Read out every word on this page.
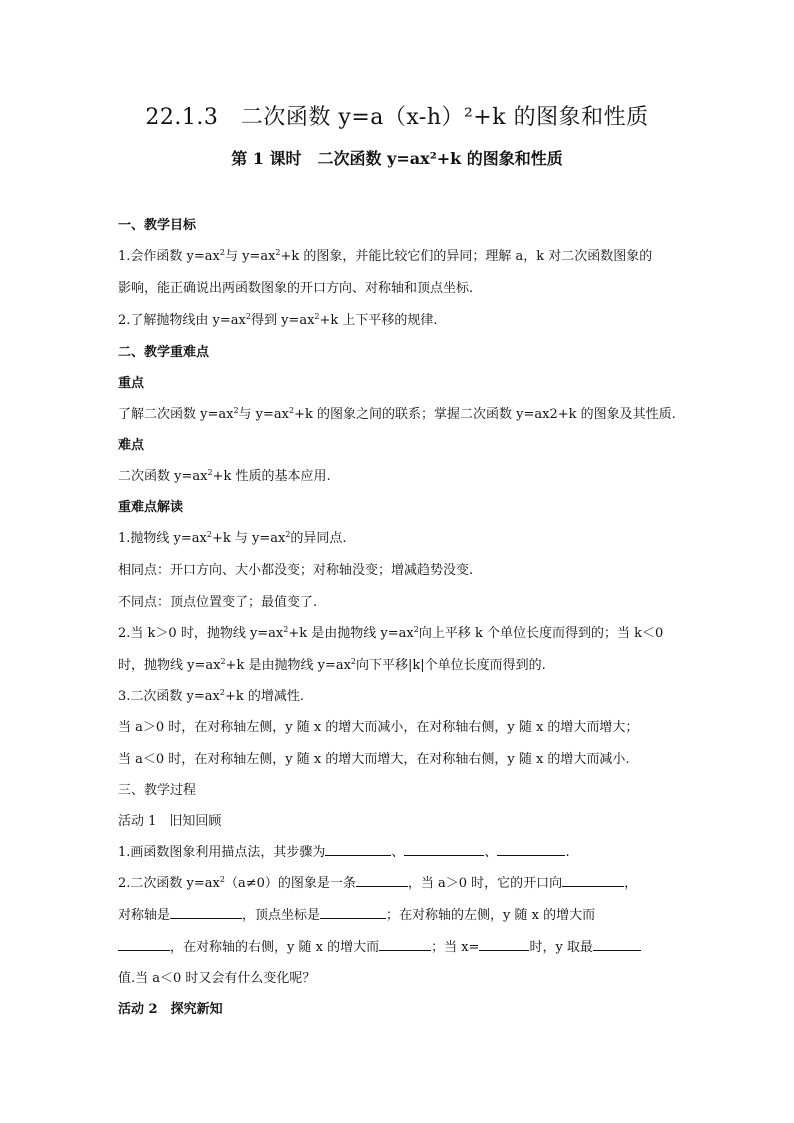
22.1.3　二次函数 y=a（x-h）²+k 的图象和性质
第 1 课时　二次函数 y=ax²+k 的图象和性质
一、教学目标
1.会作函数 $y=ax^2$与 $y=ax^2+k$ 的图象，并能比较它们的异同；理解 a，k 对二次函数图象的
影响，能正确说出两函数图象的开口方向、对称轴和顶点坐标.
2.了解抛物线由 $y=ax^2$得到 $y=ax^2+k$ 上下平移的规律.
二、教学重难点
重点
了解二次函数 $y=ax^2$与 $y=ax^2+k$ 的图象之间的联系；掌握二次函数 y=ax2+k 的图象及其性质.
难点
二次函数 $y=ax^2+k$ 性质的基本应用.
重难点解读
1.抛物线 $y=ax^2+k$ 与 $y=ax^2$的异同点.
相同点：开口方向、大小都没变；对称轴没变；增减趋势没变.
不同点：顶点位置变了；最值变了.
2.当 k＞0 时，抛物线 $y=ax^2+k$ 是由抛物线 $y=ax^2$向上平移 k 个单位长度而得到的；当 k＜0
时，抛物线 $y=ax^2+k$ 是由抛物线 $y=ax^2$向下平移|k|个单位长度而得到的.
3.二次函数 $y=ax^2+k$ 的增减性.
当 a＞0 时，在对称轴左侧，y 随 x 的增大而减小，在对称轴右侧，y 随 x 的增大而增大；
当 a＜0 时，在对称轴左侧，y 随 x 的增大而增大，在对称轴右侧，y 随 x 的增大而减小.
三、教学过程
活动 1　旧知回顾
1.画函数图象利用描点法，其步骤为	、	、	.
2.二次函数 $y=ax^2(a\ne 0)$的图象是一条	，当 a＞0 时，它的开口向	，
对称轴是	，顶点坐标是	；在对称轴的左侧，y 随 x 的增大而
，在对称轴的右侧，y 随 x 的增大而	；当 x=	时，y 取最
值.当 a＜0 时又会有什么变化呢？
活动 2　探究新知
